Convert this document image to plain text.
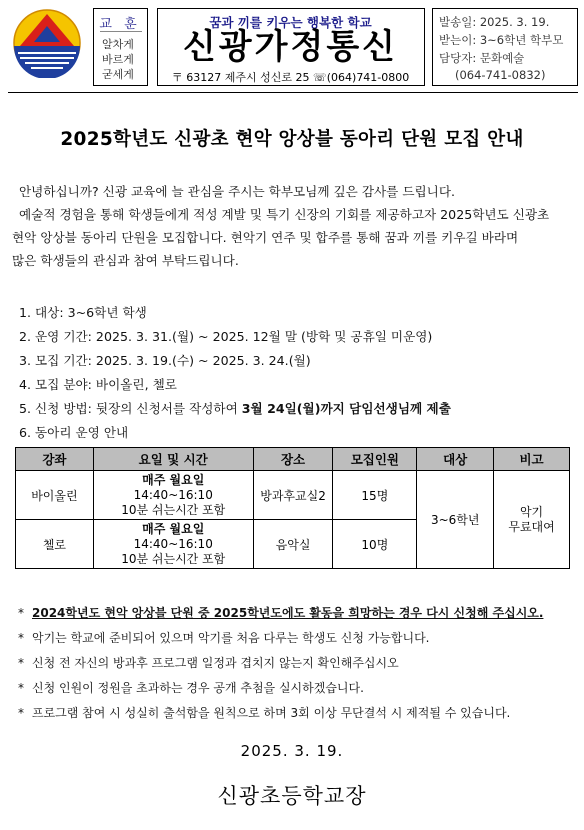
교 훈
알차게
바르게
굳세게
꿈과 끼를 키우는 행복한 학교
신광가정통신
〒 63127 제주시 성신로 25 ☏(064)741-0800
발송일: 2025. 3. 19.
받는이: 3~6학년 학부모
담당자: 문화예술
(064-741-0832)
2025학년도 신광초 현악 앙상블 동아리 단원 모집 안내
안녕하십니까? 신광 교육에 늘 관심을 주시는 학부모님께 깊은 감사를 드립니다.
예술적 경험을 통해 학생들에게 적성 계발 및 특기 신장의 기회를 제공하고자 2025학년도 신광초
현악 앙상블 동아리 단원을 모집합니다. 현악기 연주 및 합주를 통해 꿈과 끼를 키우길 바라며
많은 학생들의 관심과 참여 부탁드립니다.
1. 대상: 3~6학년 학생
2. 운영 기간: 2025. 3. 31.(월) ~ 2025. 12월 말 (방학 및 공휴일 미운영)
3. 모집 기간: 2025. 3. 19.(수) ~ 2025. 3. 24.(월)
4. 모집 분야: 바이올린, 첼로
5. 신청 방법: 뒷장의 신청서를 작성하여 3월 24일(월)까지 담임선생님께 제출
6. 동아리 운영 안내
강좌	요일 및 시간	장소	모집인원	대상	비고
바이올린	매주 월요일
14:40~16:10
10분 쉬는시간 포함	방과후교실2	15명	3~6학년	악기
무료대여

첼로	매주 월요일
14:40~16:10
10분 쉬는시간 포함	음악실	10명		
* 2024학년도 현악 앙상블 단원 중 2025학년도에도 활동을 희망하는 경우 다시 신청해 주십시오.
* 악기는 학교에 준비되어 있으며 악기를 처음 다루는 학생도 신청 가능합니다.
* 신청 전 자신의 방과후 프로그램 일정과 겹치지 않는지 확인해주십시오
* 신청 인원이 정원을 초과하는 경우 공개 추첨을 실시하겠습니다.
* 프로그램 참여 시 성실히 출석함을 원칙으로 하며 3회 이상 무단결석 시 제적될 수 있습니다.
2025. 3. 19.
신광초등학교장
